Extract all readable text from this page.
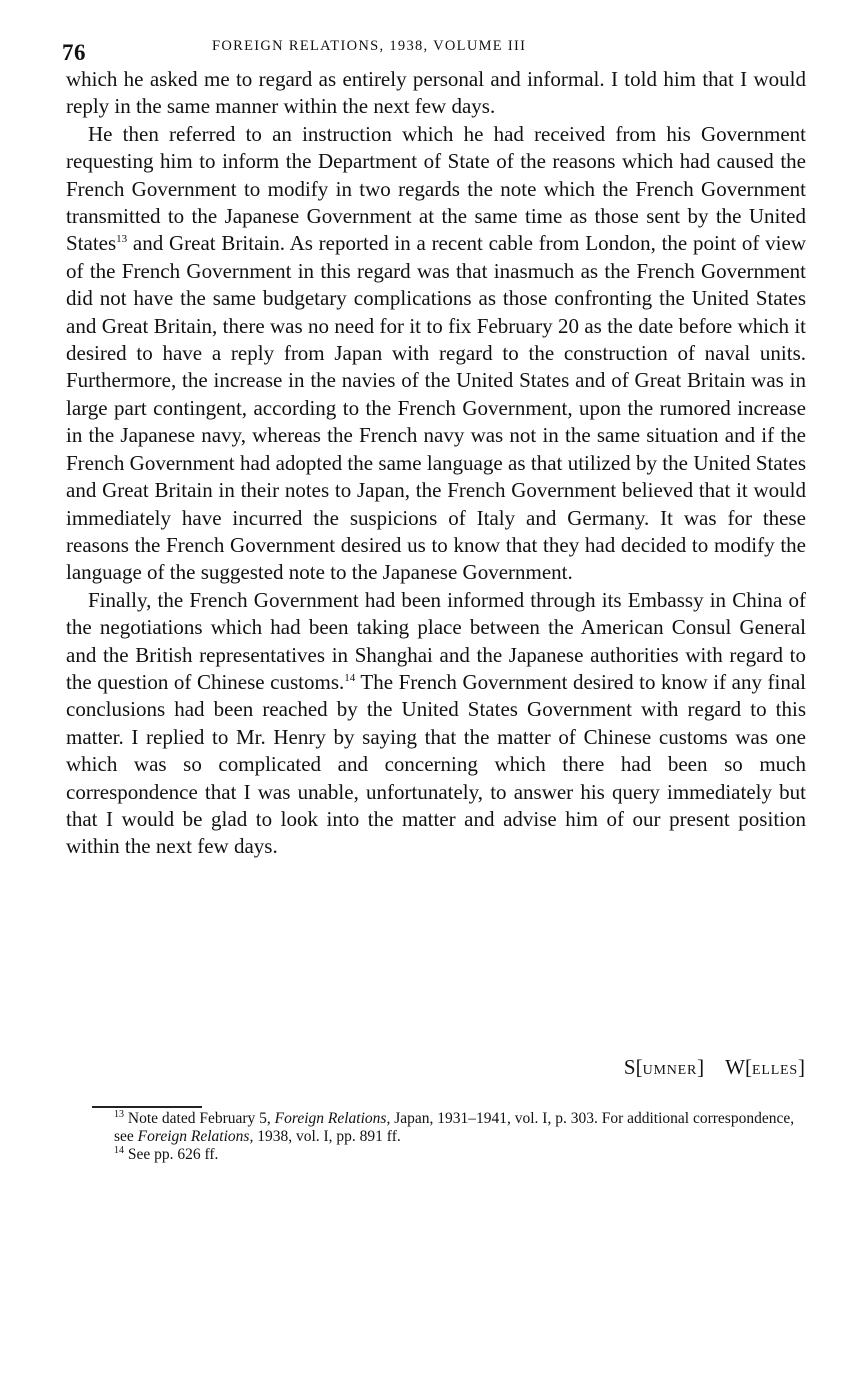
76	FOREIGN RELATIONS, 1938, VOLUME III

which he asked me to regard as entirely personal and informal. I told him that I would reply in the same manner within the next few days.

He then referred to an instruction which he had received from his Government requesting him to inform the Department of State of the reasons which had caused the French Government to modify in two regards the note which the French Government transmitted to the Japanese Government at the same time as those sent by the United States$^{13}$ and Great Britain. As reported in a recent cable from London, the point of view of the French Government in this regard was that inasmuch as the French Government did not have the same budgetary complications as those confronting the United States and Great Britain, there was no need for it to fix February 20 as the date before which it desired to have a reply from Japan with regard to the construction of naval units. Furthermore, the increase in the navies of the United States and of Great Britain was in large part contingent, according to the French Government, upon the rumored increase in the Japanese navy, whereas the French navy was not in the same situation and if the French Government had adopted the same language as that utilized by the United States and Great Britain in their notes to Japan, the French Government believed that it would immediately have incurred the suspicions of Italy and Germany. It was for these reasons the French Government desired us to know that they had decided to modify the language of the suggested note to the Japanese Government.

Finally, the French Government had been informed through its Embassy in China of the negotiations which had been taking place between the American Consul General and the British representatives in Shanghai and the Japanese authorities with regard to the question of Chinese customs.$^{14}$ The French Government desired to know if any final conclusions had been reached by the United States Government with regard to this matter. I replied to Mr. Henry by saying that the matter of Chinese customs was one which was so complicated and concerning which there had been so much correspondence that I was unable, unfortunately, to answer his query immediately but that I would be glad to look into the matter and advise him of our present position within the next few days.

S[UMNER] W[ELLES]

$^{13}$ Note dated February 5, Foreign Relations, Japan, 1931–1941, vol. I, p. 303. For additional correspondence, see Foreign Relations, 1938, vol. I, pp. 891 ff.

$^{14}$ See pp. 626 ff.
